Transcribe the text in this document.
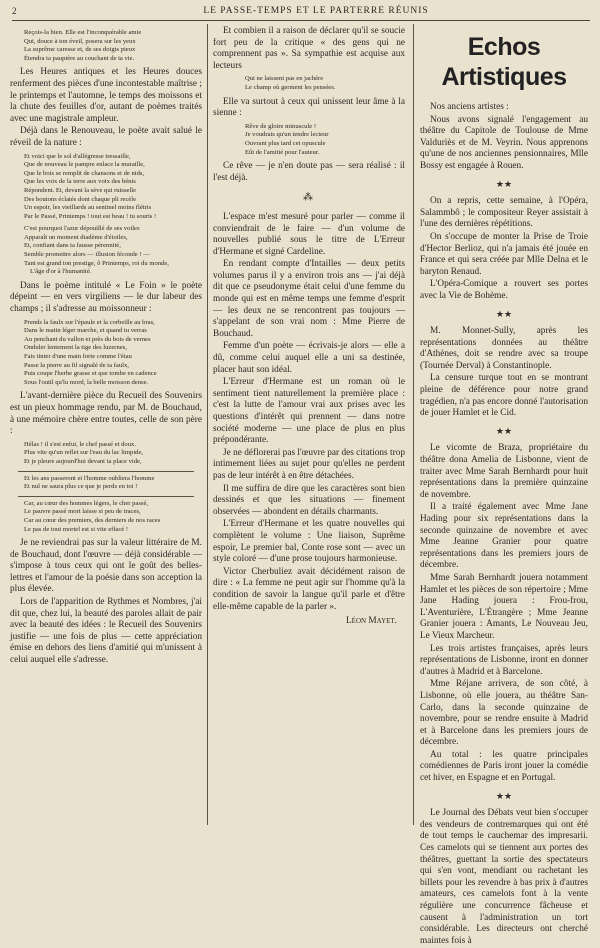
2	LE PASSE-TEMPS ET LE PARTERRE RÉUNIS
Reçois-la bien. Elle est l'inconquérable amie
Qui, douce à ton éveil, posera sur les yeux
La suprême caresse et, de ses doigts pieux
Étendra ta paupière au couchant de ta vie.

Les Heures antiques et les Heures douces renferment des pièces d'une incontestable maîtrise ; le printemps et l'automne, le temps des moissons et la chute des feuilles d'or, autant de poèmes traités avec une magistrale ampleur.

Déjà dans le Renouveau, le poète avait salué le réveil de la nature :

Et voici que le sol d'allégresse tressaille,
Que de nouveau le pampre enlace la muraille,
Que le bois se remplit de chansons et de nids,
Que les voix de la terre aux voix des bénis
Répondent. Et, devant la sève qui ruisselle
Des boutons éclatés dont chaque pli recèle
Un espoir, les vieillards au sentinel moins flétris
Par le Passé, Printemps ! tout est beau ! tu souris !
C'est pourquoi l'azur dépouillé de ses voiles
Apparaît un moment diadème d'étoiles,
Et, confiant dans ta fausse pérennité,
Semble promettre alors — illusion féconde ! —
Tant est grand ton prestige, ô Printemps, roi du monde,
L'âge d'or à l'humanité.

Dans le poème intitulé « Le Foin » le poète dépeint — en vers virgiliens — le dur labeur des champs ; il s'adresse au moissonneur :

Prends la faulx sur l'épaule et la corbeille au bras,
Dans le matin léger marche, et quand tu verras
Au penchant du vallon et près du bois de vernes
Onduler lentement la tige des luzernes,
Fais tinter d'une main forte comme l'étau
Passe la pierre au fil signalé de ta faulx,
Puis coupe l'herbe grasse et que tombe en cadence
Sous l'outil qu'lu mord, la belle moisson dense.

L'avant-dernière pièce du Recueil des Souvenirs est un pieux hommage rendu, par M. de Bouchaud, à une mémoire chère entre toutes, celle de son père :

Hélas ! il s'est enfui, le chef passé et doux.
Plus vite qu'un reflet sur l'eau du lac limpide,
Et je pleure aujourd'hui devant ta place vide,
Et les ans passeront et l'homme oubliera l'homme
Et nul ne saura plus ce que je perds en toi !
Car, au cœur des hommes légers, le cher passé,
Le pauvre passé mort laisse si peu de traces,
Car au cœur des premiers, des derniers de nos races
Le pas de tout mortel est si vite effacé !

Je ne reviendrai pas sur la valeur littéraire de M. de Bouchaud, dont l'œuvre — déjà considérable — s'impose à tous ceux qui ont le goût des belles-lettres et l'amour de la poésie dans son acception la plus élevée.

Lors de l'apparition de Rythmes et Nombres, j'ai dit que, chez lui, la beauté des paroles allait de pair avec la beauté des idées : le Recueil des Souvenirs justifie — une fois de plus — cette appréciation émise en dehors des liens d'amitié qui m'unissent à celui auquel elle s'adresse.

Et combien il a raison de déclarer qu'il se soucie fort peu de la critique « des gens qui ne comprennent pas ». Sa sympathie est acquise aux lecteurs

Qui ne laissent pas en jachère
Le champ où germent les pensées.

Elle va surtout à ceux qui unissent leur âme à la sienne :

Rêve de gloire minuscule !
Je voudrais qu'un tendre lecteur
Ouvrant plus tard cet opuscule
Eût de l'amitié pour l'auteur.

Ce rêve — je n'en doute pas — sera réalisé : il l'est déjà.

⁂

L'espace m'est mesuré pour parler — comme il conviendrait de le faire — d'un volume de nouvelles publié sous le titre de L'Erreur d'Hermane et signé Cardeline.

En rendant compte d'Intailles — deux petits volumes parus il y a environ trois ans — j'ai déjà dit que ce pseudonyme était celui d'une femme du monde qui est en même temps une femme d'esprit — les deux ne se rencontrent pas toujours — s'appelant de son vrai nom : Mme Pierre de Bouchaud.

Femme d'un poète — écrivais-je alors — elle a dû, comme celui auquel elle a uni sa destinée, placer haut son idéal.

L'Erreur d'Hermane est un roman où le sentiment tient naturellement la première place : c'est la lutte de l'amour vrai aux prises avec les questions d'intérêt qui prennent — dans notre société moderne — une place de plus en plus prépondérante.

Je ne déflorerai pas l'œuvre par des citations trop intimement liées au sujet pour qu'elles ne perdent pas de leur intérêt à en être détachées.

Il me suffira de dire que les caractères sont bien dessinés et que les situations — finement observées — abondent en détails charmants.

L'Erreur d'Hermane et les quatre nouvelles qui complètent le volume : Une liaison, Suprême espoir, Le premier bal, Conte rose sont — avec un style coloré — d'une prose toujours harmonieuse.

Victor Cherbuliez avait décidément raison de dire : « La femme ne peut agir sur l'homme qu'à la condition de savoir la langue qu'il parle et d'être elle-même capable de la parler ».

Léon Mayet.
Echos Artistiques

Nos anciens artistes :

Nous avons signalé l'engagement au théâtre du Capitole de Toulouse de Mme Valduriès et de M. Veyrin. Nous apprenons qu'une de nos anciennes pensionnaires, Mlle Bossy est engagée à Rouen.

★★

On a repris, cette semaine, à l'Opéra, Salammbô ; le compositeur Reyer assistait à l'une des dernières répétitions.

On s'occupe de monter la Prise de Troie d'Hector Berlioz, qui n'a jamais été jouée en France et qui sera créée par Mlle Delna et le baryton Renaud.

L'Opéra-Comique a rouvert ses portes avec la Vie de Bohème.

★★

M. Monnet-Sully, après les représentations données au théâtre d'Athènes, doit se rendre avec sa troupe (Tournée Derval) à Constantinople.

La censure turque tout en se montrant pleine de déférence pour notre grand tragédien, n'a pas encore donné l'autorisation de jouer Hamlet et le Cid.

★★

Le vicomte de Braza, propriétaire du théâtre dona Amelia de Lisbonne, vient de traiter avec Mme Sarah Bernhardt pour huit représentations dans la première quinzaine de novembre.

Il a traité également avec Mme Jane Hading pour six représentations dans la seconde quinzaine de novembre et avec Mme Jeanne Granier pour quatre représentations dans les premiers jours de décembre.

Mme Sarah Bernhardt jouera notamment Hamlet et les pièces de son répertoire ; Mme Jane Hading jouera : Frou-frou, L'Aventurière, L'Étrangère ; Mme Jeanne Granier jouera : Amants, Le Nouveau Jeu, Le Vieux Marcheur.

Les trois artistes françaises, après leurs représentations de Lisbonne, iront en donner d'autres à Madrid et à Barcelone.

Mme Réjane arrivera, de son côté, à Lisbonne, où elle jouera, au théâtre San-Carlo, dans la seconde quinzaine de novembre, pour se rendre ensuite à Madrid et à Barcelone dans les premiers jours de décembre.

Au total : les quatre principales comédiennes de Paris iront jouer la comédie cet hiver, en Espagne et en Portugal.

★★

Le Journal des Débats veut bien s'occuper des vendeurs de contremarques qui ont été de tout temps le cauchemar des impresarii. Ces camelots qui se tiennent aux portes des théâtres, guettant la sortie des spectateurs qui s'en vont, mendiant ou rachetant les billets pour les revendre à bas prix à d'autres amateurs, ces camelots font à la vente régulière une concurrence fâcheuse et causent à l'administration un tort considérable. Les directeurs ont cherché maintes fois à
